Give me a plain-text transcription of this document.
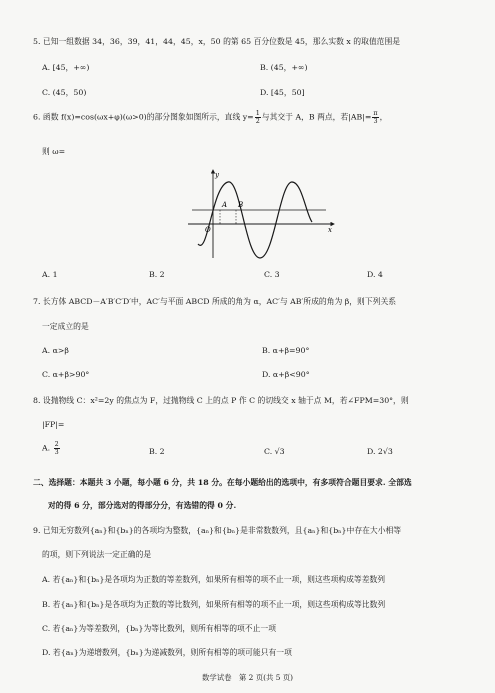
5. 已知一组数据 34，36，39，41，44，45，x，50 的第 65 百分位数是 45，那么实数 x 的取值范围是
A. [45，+∞)	B. (45，+∞)
C. (45，50)	D. [45，50]
6. 函数 f(x)=cos(ωx+φ)(ω>0)的部分图象如图所示，直线 $y= \frac{1}{2}$ 与其交于 A，B 两点，若$|AB|= \frac{\pi}{3}$ ，
则 ω=
y
x
O
A B
A. 1	B. 2	C. 3	D. 4
7. 长方体 ABCD－A′B′C′D′中，AC′与平面 ABCD 所成的角为 α，AC′与 AB′所成的角为 β，则下列关系
一定成立的是
A. α>β	B. α+β=90°
C. α+β>90°	D. α+β<90°
8. 设抛物线 C：x²=2y 的焦点为 F，过抛物线 C 上的点 P 作 C 的切线交 x 轴于点 M，若∠FPM=30°，则
|FP|=
A. $\frac{2}{3}$	B. 2	C. √3	D. 2√3
二、选择题：本题共 3 小题，每小题 6 分，共 18 分。在每小题给出的选项中，有多项符合题目要求. 全部选
对的得 6 分，部分选对的得部分分，有选错的得 0 分.
9. 已知无穷数列{aₙ}和{bₙ}的各项均为整数，{aₙ}和{bₙ}是非常数数列，且{aₙ}和{bₙ}中存在大小相等
的项，则下列说法一定正确的是
A. 若{aₙ}和{bₙ}是各项均为正数的等差数列，如果所有相等的项不止一项，则这些项构成等差数列
B. 若{aₙ}和{bₙ}是各项均为正数的等比数列，如果所有相等的项不止一项，则这些项构成等比数列
C. 若{aₙ}为等差数列，{bₙ}为等比数列，则所有相等的项不止一项
D. 若{aₙ}为递增数列，{bₙ}为递减数列，则所有相等的项可能只有一项
数学试卷　第 2 页(共 5 页)
